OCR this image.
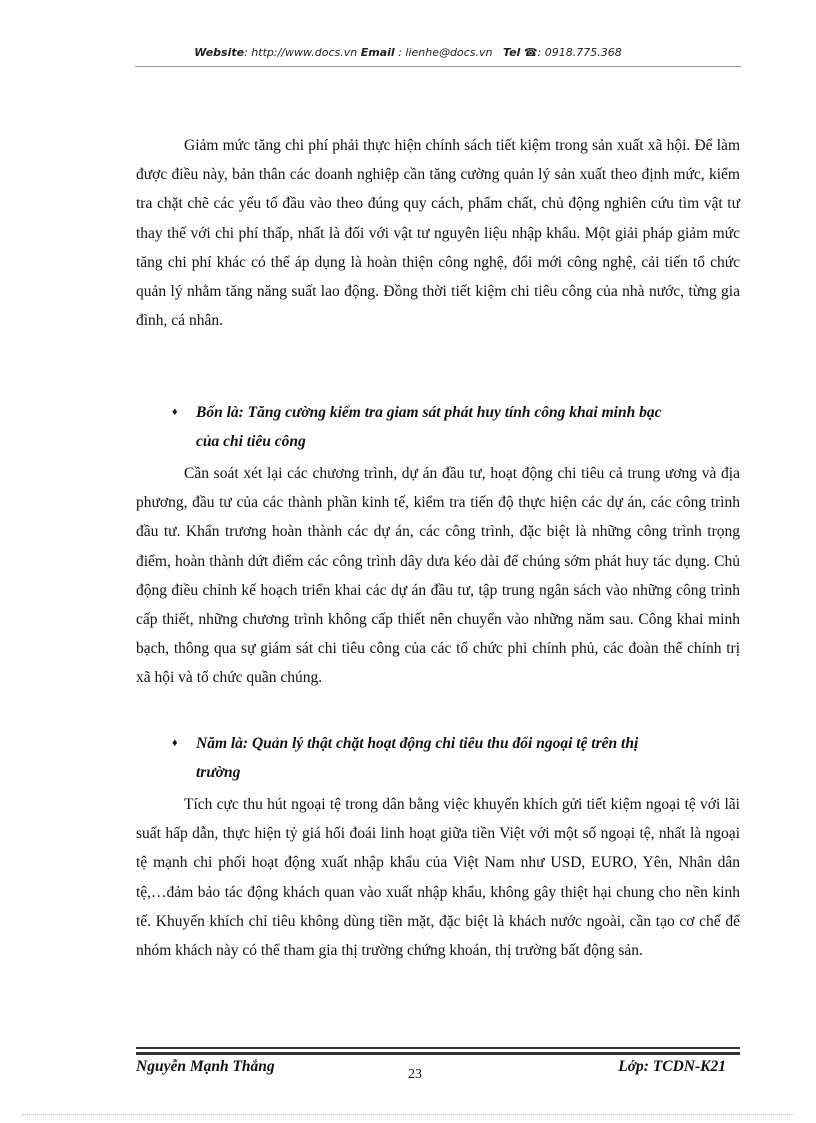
Website: http://www.docs.vn Email : lienhe@docs.vn Tel ☎: 0918.775.368
Giảm mức tăng chi phí phải thực hiện chính sách tiết kiệm trong sản xuất xã hội. Để làm được điều này, bản thân các doanh nghiệp cần tăng cường quản lý sản xuất theo định mức, kiểm tra chặt chẽ các yếu tố đầu vào theo đúng quy cách, phẩm chất, chủ động nghiên cứu tìm vật tư thay thế với chi phí thấp, nhất là đối với vật tư nguyên liệu nhập khẩu. Một giải pháp giảm mức tăng chi phí khác có thể áp dụng là hoàn thiện công nghệ, đổi mới công nghệ, cải tiến tổ chức quản lý nhằm tăng năng suất lao động. Đồng thời tiết kiệm chi tiêu công của nhà nước, từng gia đình, cá nhân.
♦	Bốn là: Tăng cường kiểm tra giam sát phát huy tính công khai minh bạc
của chi tiêu công
Cần soát xét lại các chương trình, dự án đầu tư, hoạt động chi tiêu cả trung ương và địa phương, đầu tư của các thành phần kinh tế, kiểm tra tiến độ thực hiện các dự án, các công trình đầu tư. Khẩn trương hoàn thành các dự án, các công trình, đặc biệt là những công trình trọng điểm, hoàn thành dứt điểm các công trình dây dưa kéo dài để chúng sớm phát huy tác dụng. Chủ động điều chỉnh kế hoạch triển khai các dự án đầu tư, tập trung ngân sách vào những công trình cấp thiết, những chương trình không cấp thiết nên chuyển vào những năm sau. Công khai minh bạch, thông qua sự giám sát chi tiêu công của các tổ chức phi chính phủ, các đoàn thể chính trị xã hội và tổ chức quần chúng.
♦	Năm là: Quản lý thật chặt hoạt động chi tiêu thu đổi ngoại tệ trên thị
trường
Tích cực thu hút ngoại tệ trong dân bằng việc khuyến khích gửi tiết kiệm ngoại tệ với lãi suất hấp dẫn, thực hiện tỷ giá hối đoái linh hoạt giữa tiền Việt với một số ngoại tệ, nhất là ngoại tệ mạnh chi phối hoạt động xuất nhập khẩu của Việt Nam như USD, EURO, Yên, Nhân dân tệ,…đảm bảo tác động khách quan vào xuất nhập khẩu, không gây thiệt hại chung cho nền kinh tế. Khuyến khích chỉ tiêu không dùng tiền mặt, đặc biệt là khách nước ngoài, cần tạo cơ chế để nhóm khách này có thể tham gia thị trường chứng khoán, thị trường bất động sản.
Nguyễn Mạnh Thắng	23	Lớp: TCDN-K21
